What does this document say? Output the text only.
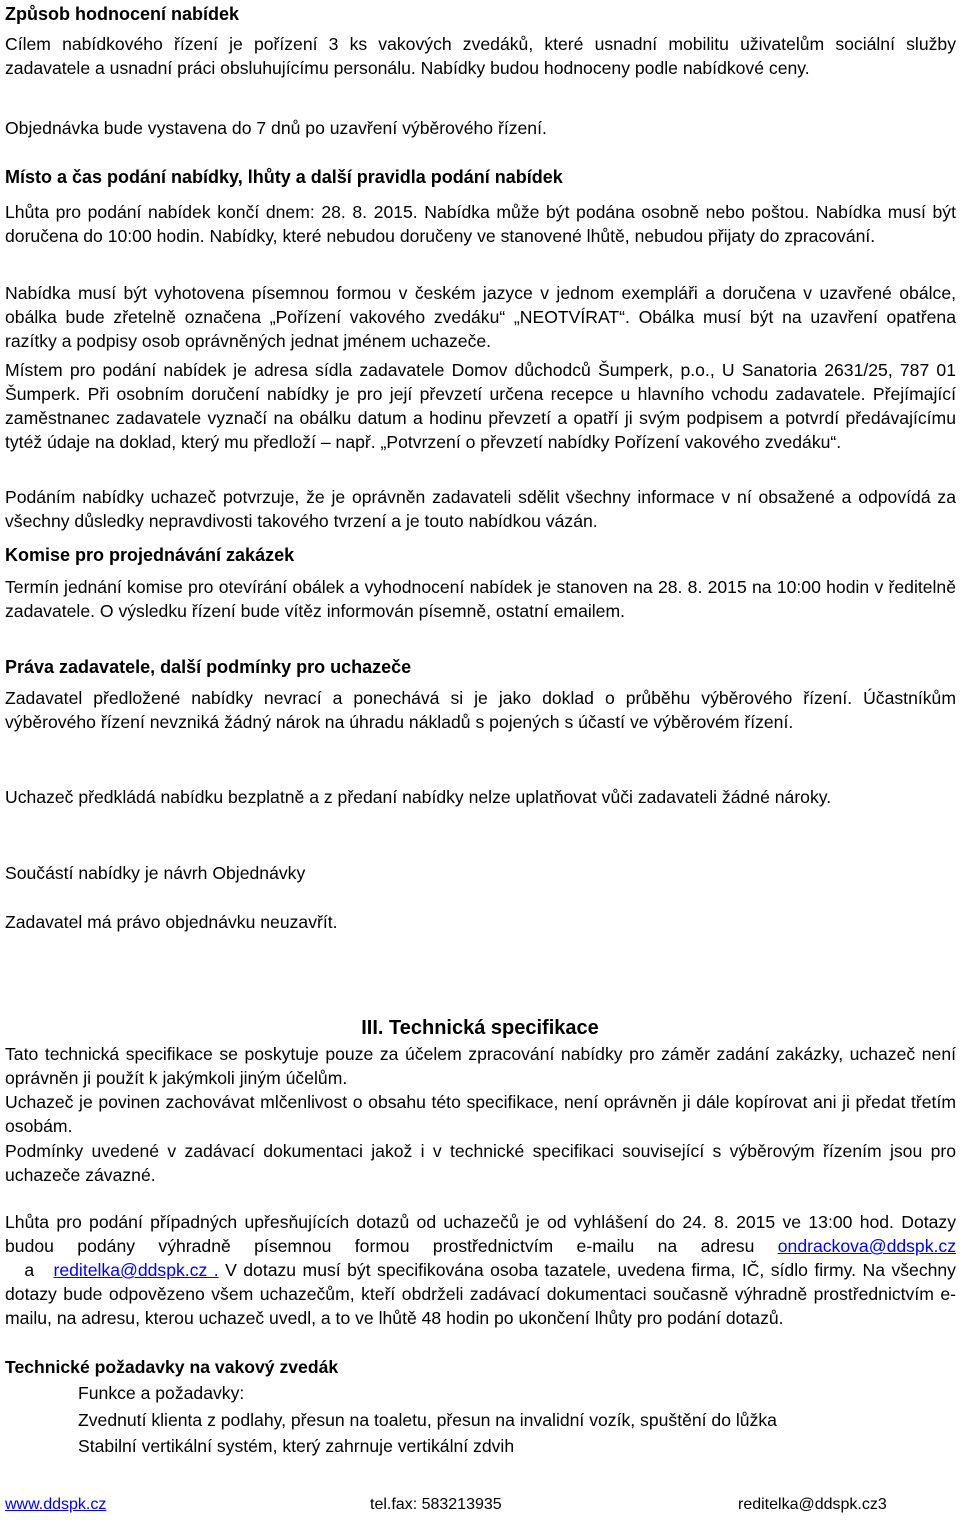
Způsob hodnocení nabídek
Cílem nabídkového řízení je pořízení 3 ks vakových zvedáků, které usnadní mobilitu uživatelům sociální služby zadavatele a usnadní práci obsluhujícímu personálu. Nabídky budou hodnoceny podle nabídkové ceny.
Objednávka bude vystavena do 7 dnů po uzavření výběrového řízení.
Místo a čas podání nabídky, lhůty a další pravidla podání nabídek
Lhůta pro podání nabídek končí dnem: 28. 8. 2015. Nabídka může být podána osobně nebo poštou. Nabídka musí být doručena do 10:00 hodin. Nabídky, které nebudou doručeny ve stanovené lhůtě, nebudou přijaty do zpracování.
Nabídka musí být vyhotovena písemnou formou v českém jazyce v jednom exempláři a doručena v uzavřené obálce, obálka bude zřetelně označena „Pořízení vakového zvedáku“ „NEOTVÍRAT“. Obálka musí být na uzavření opatřena razítky a podpisy osob oprávněných jednat jménem uchazeče.
Místem pro podání nabídek je adresa sídla zadavatele Domov důchodců Šumperk, p.o., U Sanatoria 2631/25, 787 01 Šumperk. Při osobním doručení nabídky je pro její převzetí určena recepce u hlavního vchodu zadavatele. Přejímající zaměstnanec zadavatele vyznačí na obálku datum a hodinu převzetí a opatří ji svým podpisem a potvrdí předávajícímu tytéž údaje na doklad, který mu předloží – např. „Potvrzení o převzetí nabídky Pořízení vakového zvedáku“.
Podáním nabídky uchazeč potvrzuje, že je oprávněn zadavateli sdělit všechny informace v ní obsažené a odpovídá za všechny důsledky nepravdivosti takového tvrzení a je touto nabídkou vázán.
Komise pro projednávání zakázek
Termín jednání komise pro otevírání obálek a vyhodnocení nabídek je stanoven na 28. 8. 2015 na 10:00 hodin v ředitelně zadavatele. O výsledku řízení bude vítěz informován písemně, ostatní emailem.
Práva zadavatele, další podmínky pro uchazeče
Zadavatel předložené nabídky nevrací a ponechává si je jako doklad o průběhu výběrového řízení. Účastníkům výběrového řízení nevzniká žádný nárok na úhradu nákladů s pojených s účastí ve výběrovém řízení.
Uchazeč předkládá nabídku bezplatně a z předaní nabídky nelze uplatňovat vůči zadavateli žádné nároky.
Součástí nabídky je návrh Objednávky
Zadavatel má právo objednávku neuzavřít.
III. Technická specifikace
Tato technická specifikace se poskytuje pouze za účelem zpracování nabídky pro záměr zadání zakázky, uchazeč není oprávněn ji použít k jakýmkoli jiným účelům.
Uchazeč je povinen zachovávat mlčenlivost o obsahu této specifikace, není oprávněn ji dále kopírovat ani ji předat třetím osobám.
Podmínky uvedené v zadávací dokumentaci jakož i v technické specifikaci související s výběrovým řízením jsou pro uchazeče závazné.
Lhůta pro podání případných upřesňujících dotazů od uchazečů je od vyhlášení do 24. 8. 2015 ve 13:00 hod. Dotazy budou podány výhradně písemnou formou prostřednictvím e-mailu na adresu ondrackova@ddspk.cz   a   reditelka@ddspk.cz . V dotazu musí být specifikována osoba tazatele, uvedena firma, IČ, sídlo firmy. Na všechny dotazy bude odpovězeno všem uchazečům, kteří obdrželi zadávací dokumentaci současně výhradně prostřednictvím e-mailu, na adresu, kterou uchazeč uvedl, a to ve lhůtě 48 hodin po ukončení lhůty pro podání dotazů.
Technické požadavky na vakový zvedák
Funkce a požadavky:
Zvednutí klienta z podlahy, přesun na toaletu, přesun na invalidní vozík, spuštění do lůžka
Stabilní vertikální systém, který zahrnuje vertikální zdvih
www.ddspk.cz	tel.fax: 583213935	reditelka@ddspk.cz3
